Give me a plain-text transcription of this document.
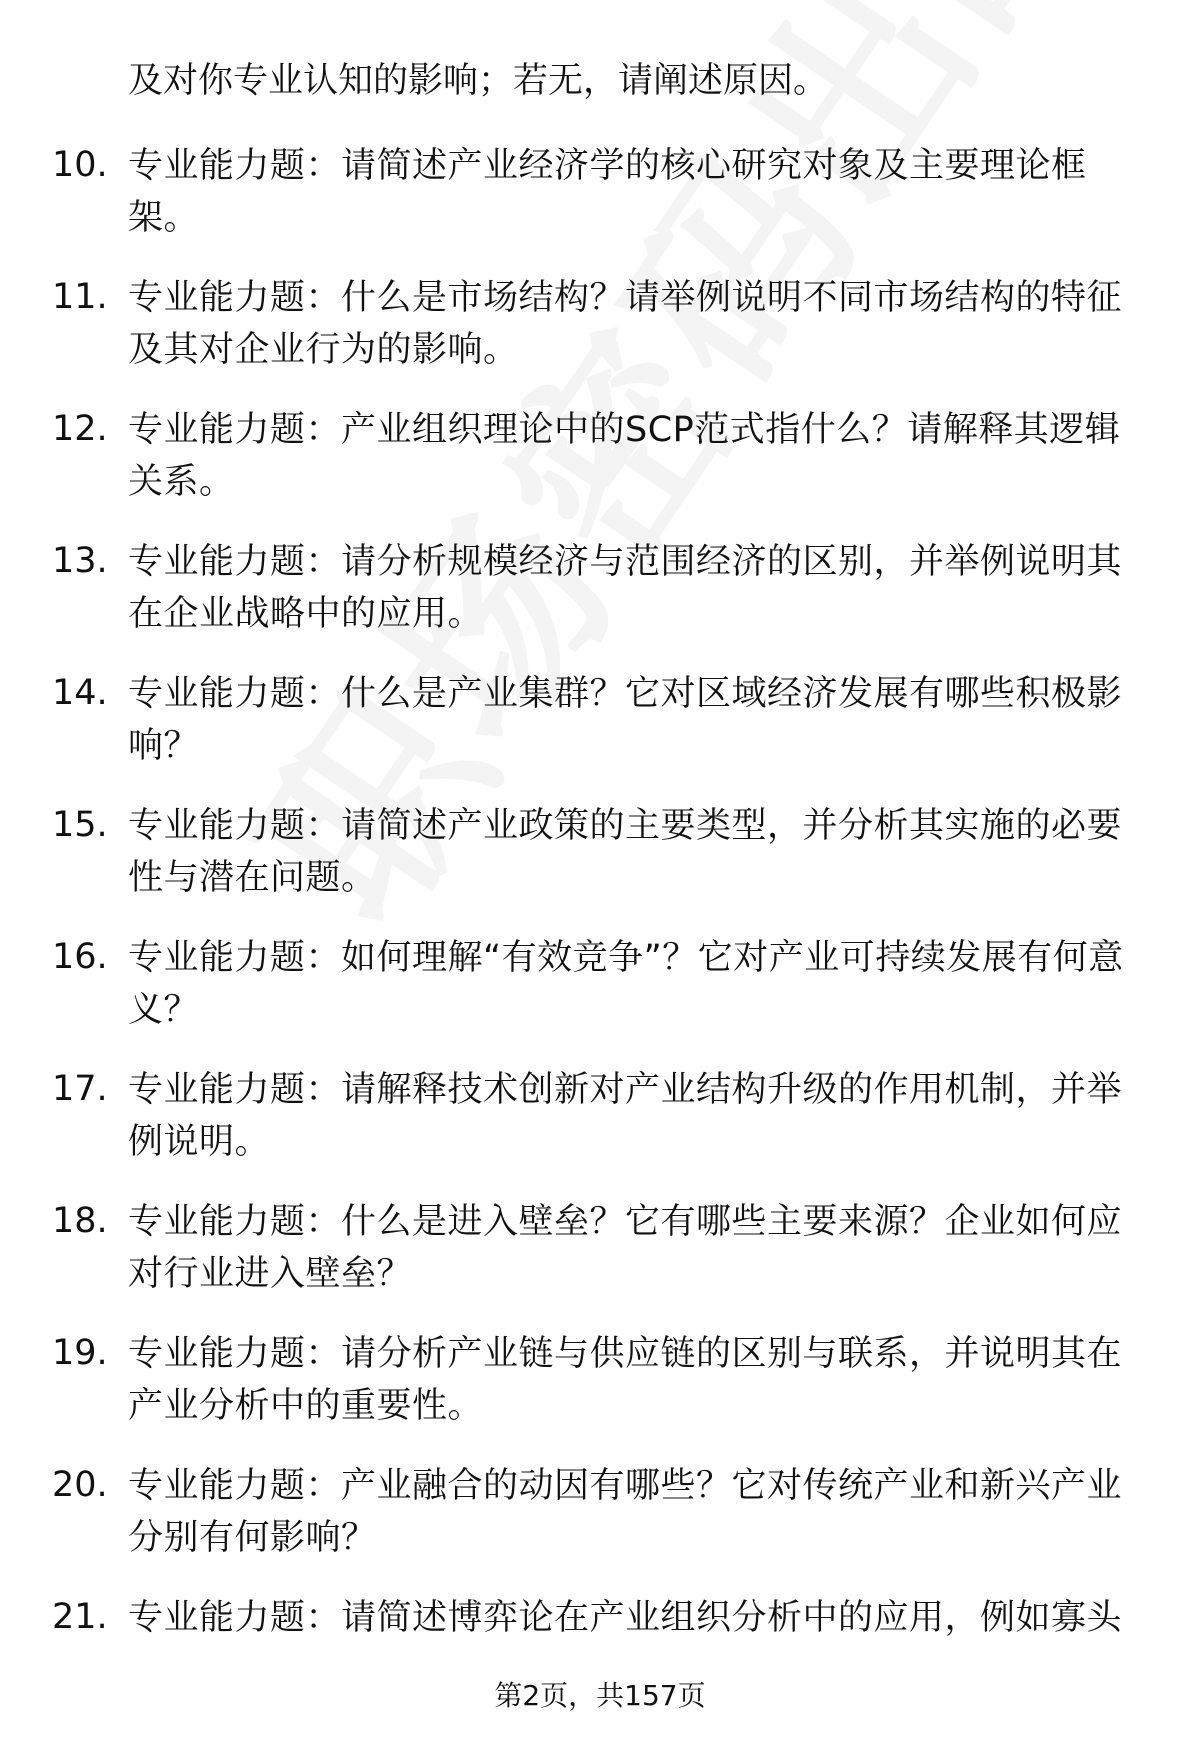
及对你专业认知的影响；若无，请阐述原因。
10. 专业能力题：请简述产业经济学的核心研究对象及主要理论框架。
11. 专业能力题：什么是市场结构？请举例说明不同市场结构的特征及其对企业行为的影响。
12. 专业能力题：产业组织理论中的SCP范式指什么？请解释其逻辑关系。
13. 专业能力题：请分析规模经济与范围经济的区别，并举例说明其在企业战略中的应用。
14. 专业能力题：什么是产业集群？它对区域经济发展有哪些积极影响？
15. 专业能力题：请简述产业政策的主要类型，并分析其实施的必要性与潜在问题。
16. 专业能力题：如何理解“有效竞争”？它对产业可持续发展有何意义？
17. 专业能力题：请解释技术创新对产业结构升级的作用机制，并举例说明。
18. 专业能力题：什么是进入壁垒？它有哪些主要来源？企业如何应对行业进入壁垒？
19. 专业能力题：请分析产业链与供应链的区别与联系，并说明其在产业分析中的重要性。
20. 专业能力题：产业融合的动因有哪些？它对传统产业和新兴产业分别有何影响？
21. 专业能力题：请简述博弈论在产业组织分析中的应用，例如寡头
第2页，共157页
